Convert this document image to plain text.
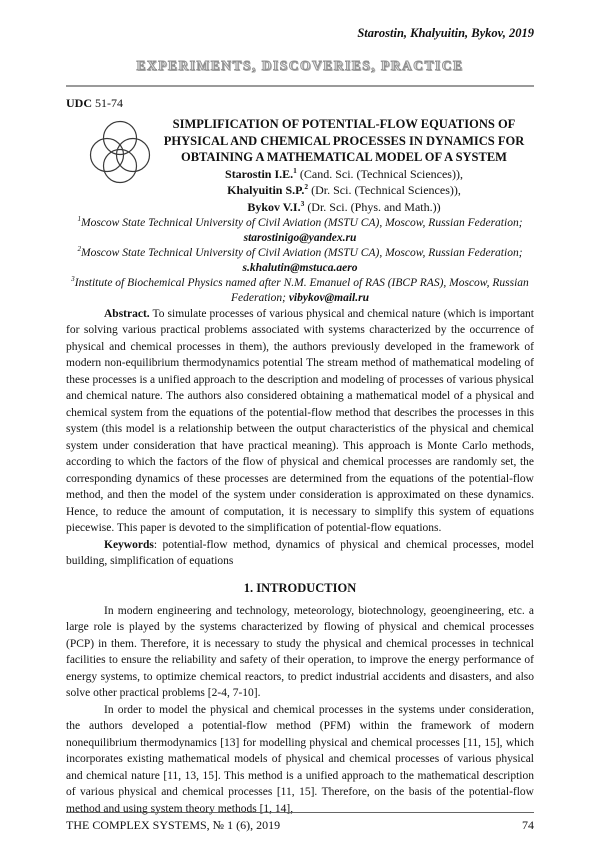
Starostin, Khalyuitin, Bykov, 2019
EXPERIMENTS, DISCOVERIES, PRACTICE
UDC 51-74
SIMPLIFICATION OF POTENTIAL-FLOW EQUATIONS OF PHYSICAL AND CHEMICAL PROCESSES IN DYNAMICS FOR OBTAINING A MATHEMATICAL MODEL OF A SYSTEM
Starostin I.E.$^1$ (Cand. Sci. (Technical Sciences)),
Khalyuitin S.P.$^2$ (Dr. Sci. (Technical Sciences)),
Bykov V.I.$^3$ (Dr. Sci. (Phys. and Math.))
$^1$Moscow State Technical University of Civil Aviation (MSTU CA), Moscow, Russian Federation; starostinigo@yandex.ru
$^2$Moscow State Technical University of Civil Aviation (MSTU CA), Moscow, Russian Federation; s.khalutin@mstuca.aero
$^3$Institute of Biochemical Physics named after N.M. Emanuel of RAS (IBCP RAS), Moscow, Russian Federation; vibykov@mail.ru

Abstract. To simulate processes of various physical and chemical nature (which is important for solving various practical problems associated with systems characterized by the occurrence of physical and chemical processes in them), the authors previously developed in the framework of modern non-equilibrium thermodynamics potential The stream method of mathematical modeling of these processes is a unified approach to the description and modeling of processes of various physical and chemical nature. The authors also considered obtaining a mathematical model of a physical and chemical system from the equations of the potential-flow method that describes the processes in this system (this model is a relationship between the output characteristics of the physical and chemical system under consideration that have practical meaning). This approach is Monte Carlo methods, according to which the factors of the flow of physical and chemical processes are randomly set, the corresponding dynamics of these processes are determined from the equations of the potential-flow method, and then the model of the system under consideration is approximated on these dynamics. Hence, to reduce the amount of computation, it is necessary to simplify this system of equations piecewise. This paper is devoted to the simplification of potential-flow equations.

Keywords: potential-flow method, dynamics of physical and chemical processes, model building, simplification of equations

1. INTRODUCTION

In modern engineering and technology, meteorology, biotechnology, geoengineering, etc. a large role is played by the systems characterized by flowing of physical and chemical processes (PCP) in them. Therefore, it is necessary to study the physical and chemical processes in technical facilities to ensure the reliability and safety of their operation, to improve the energy performance of energy systems, to optimize chemical reactors, to predict industrial accidents and disasters, and also solve other practical problems [2-4, 7-10].

In order to model the physical and chemical processes in the systems under consideration, the authors developed a potential-flow method (PFM) within the framework of modern nonequilibrium thermodynamics [13] for modelling physical and chemical processes [11, 15], which incorporates existing mathematical models of physical and chemical processes of various physical and chemical nature [11, 13, 15]. This method is a unified approach to the mathematical description of various physical and chemical processes [11, 15]. Therefore, on the basis of the potential-flow method and using system theory methods [1, 14],

THE COMPLEX SYSTEMS, № 1 (6), 2019	74
